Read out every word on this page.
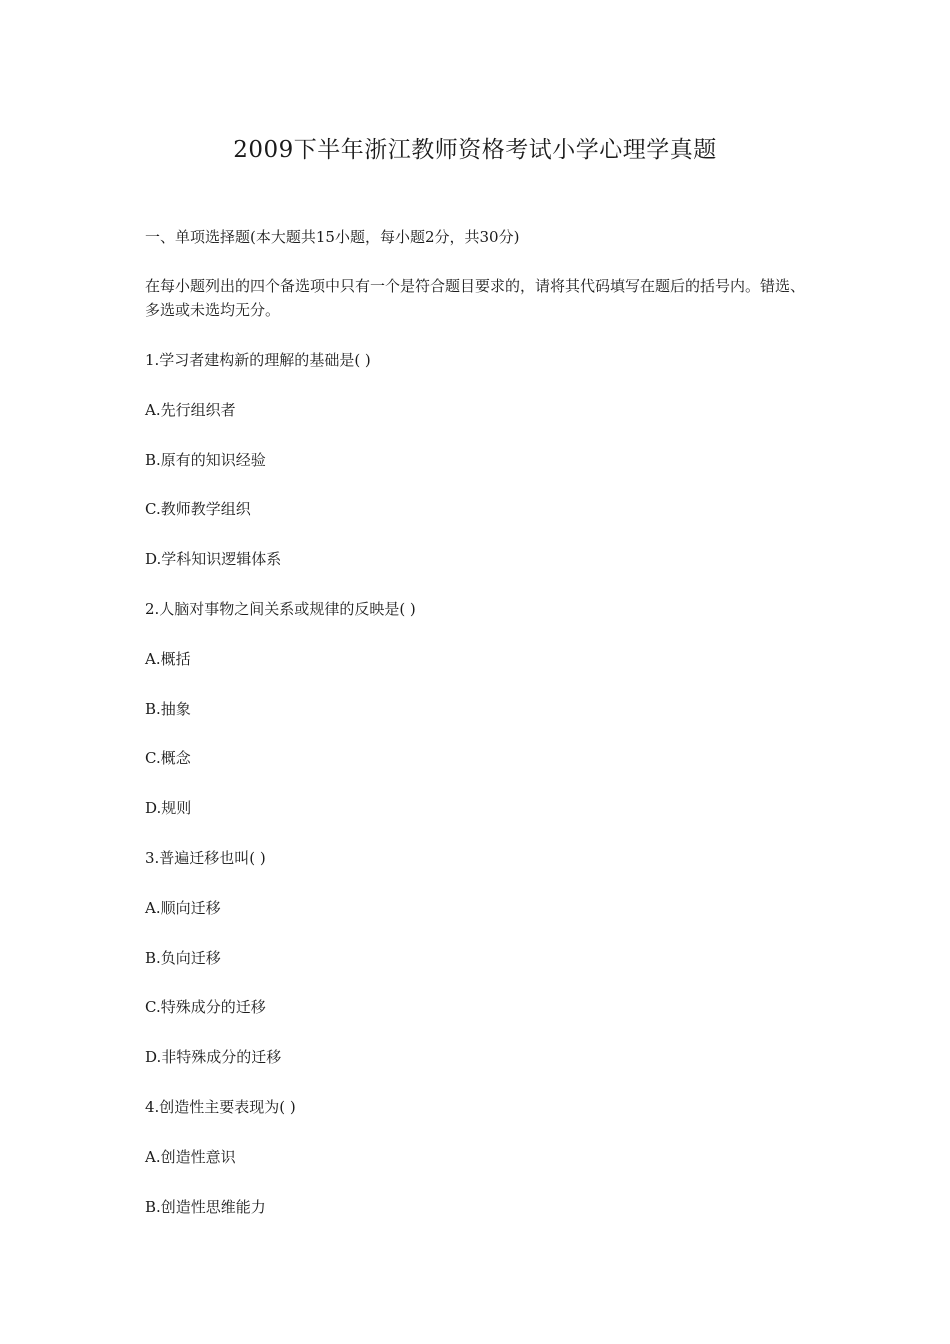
2009下半年浙江教师资格考试小学心理学真题
一、单项选择题(本大题共15小题，每小题2分，共30分)
在每小题列出的四个备选项中只有一个是符合题目要求的，请将其代码填写在题后的括号内。错选、多选或未选均无分。
1.学习者建构新的理解的基础是( )
A.先行组织者
B.原有的知识经验
C.教师教学组织
D.学科知识逻辑体系
2.人脑对事物之间关系或规律的反映是( )
A.概括
B.抽象
C.概念
D.规则
3.普遍迁移也叫( )
A.顺向迁移
B.负向迁移
C.特殊成分的迁移
D.非特殊成分的迁移
4.创造性主要表现为( )
A.创造性意识
B.创造性思维能力
